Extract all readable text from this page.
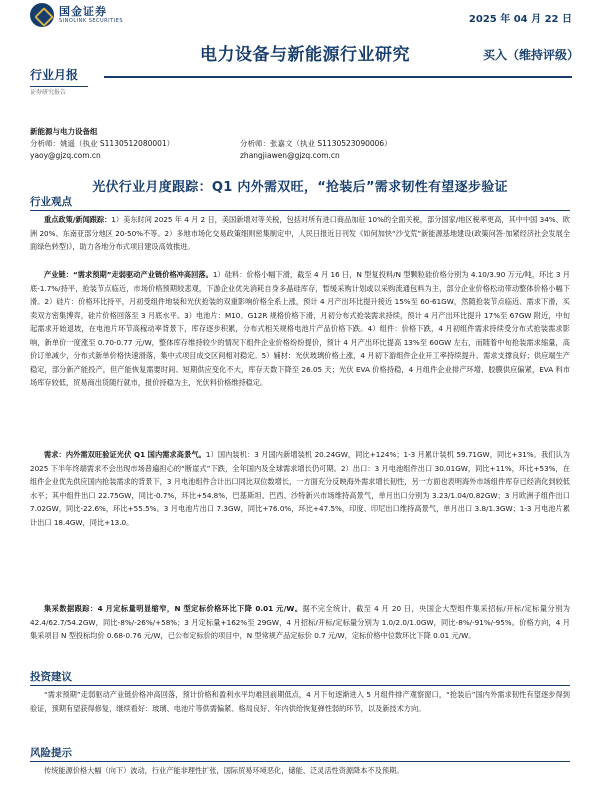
国金证券
SINOLINK SECURITIES	2025 年 04 月 22 日
电力设备与新能源行业研究	买入（维持评级）
行业月报
证券研究报告
新能源与电力设备组
分析师：姚遥（执业 S1130512080001）	分析师：张嘉文（执业 S1130523090006）
yaoy@gjzq.com.cn	zhangjiawen@gjzq.com.cn
光伏行业月度跟踪：Q1 内外需双旺，“抢装后”需求韧性有望逐步验证
行业观点
重点政策/新闻跟踪：1）美东时间 2025 年 4 月 2 日，美国新增对等关税，包括对所有进口商品加征 10%的全面关税，部分国家/地区税率更高，其中中国 34%、欧洲 20%、东南亚部分地区 20-50%不等。2）多地市场化交易政策细则密集制定中，人民日报近日刊发《如何加快“沙戈荒”新能源基地建设(政策问答·加紧经济社会发展全面绿色转型)》，助力各地分布式项目建设高效推进。
产业链：“需求预期”走弱驱动产业链价格冲高回落。1）硅料：价格小幅下滑，截至 4 月 16 日，N 型复投料/N 型颗粒硅价格分别为 4.10/3.90 万元/吨，环比 3 月底-1.7%/持平，抢装节点临近，市场价格预期较悲观，下游企业优先消耗自身多晶硅库存，暂缓采购计划或以采购流通包料为主，部分企业价格松动带动整体价格小幅下滑。2）硅片：价格环比持平，月初受组件地装和光伏抢装的双重影响价格全系上涨，预计 4 月产出环比提升接近 15%至 60-61GW，然随抢装节点临近、需求下滑，买卖双方密集博弈，硅片价格回落至 3 月底水平。3）电池片：M10、G12R 规格价格下滑，月初分布式抢装需求持续，预计 4 月产出环比提升 17%至 67GW 附近，中旬起需求开始退坡，在电池片环节高稼动率背景下，库存逐步积累，分布式相关规格电池片产品价格下跌。4）组件：价格下跌，4 月初组件需求持续受分布式抢装需求影响，新单价一度涨至 0.70-0.77 元/W，整体库存维持较少的情况下组件企业价格纷纷提价，预计 4 月产出环比提高 13%至 60GW 左右，而随着中旬抢装需求缩量，高价订单减少，分布式新单价格快速滑落，集中式项目成交区间相对稳定。5）辅材：光伏玻璃价格上涨，4 月初下游组件企业开工率持续提升、需求支撑良好；供应端生产稳定，部分新产能投产，但产能恢复需要时间、短期供应变化不大，库存天数下降至 26.05 天；光伏 EVA 价格持稳，4 月组件企业排产环增、胶膜供应偏紧，EVA 料市场库存较低，贸易商出货随行就市，报价持稳为主，光伏料价格维持稳定。
需求：内外需双旺验证光伏 Q1 国内需求高景气。1）国内装机：3 月国内新增装机 20.24GW，同比+124%；1-3 月累计装机 59.71GW，同比+31%。我们认为 2025 下半年终端需求不会出现市场普遍担心的“断崖式”下跌，全年国内及全球需求增长仍可期。2）出口：3 月电池组件出口 30.01GW，同比+11%，环比+53%，在组件企业优先供应国内抢装需求的背景下，3 月电池组件合计出口同比双位数增长，一方面充分反映海外需求增长韧性，另一方面也表明海外市场组件库存已经消化到较低水平；其中组件出口 22.75GW，同比-0.7%，环比+54.8%，巴基斯坦、巴西、沙特新兴市场维持高景气，单月出口分别为 3.23/1.04/0.82GW；3 月欧洲子组件出口 7.02GW，同比-22.6%，环比+55.5%。3 月电池片出口 7.3GW，同比+76.0%，环比+47.5%，印度、印尼出口维持高景气，单月出口 3.8/1.3GW；1-3 月电池片累计出口 18.4GW，同比+13.0。
集采数据跟踪：4 月定标量明显缩窄，N 型定标价格环比下降 0.01 元/W。据不完全统计，截至 4 月 20 日，央国企大型组件集采招标/开标/定标量分别为 42.4/62.7/54.2GW，同比-8%/-26%/+58%；3 月定标量+162%至 29GW，4 月招标/开标/定标量分别为 1.0/2.0/1.0GW，同比-8%/-91%/-95%。价格方向，4 月集采项目 N 型投标均价 0.68-0.76 元/W，已公布定标价的项目中，N 型常规产品定标价 0.7 元/W，定标价格中位数环比下降 0.01 元/W。
投资建议
“需求预期”走弱驱动产业链价格冲高回落，预计价格和盈利水平均难回前期低点，4 月下旬逐渐进入 5 月组件排产观察窗口，“抢装后”国内外需求韧性有望逐步得到验证，预期有望获得修复，继续看好：玻璃、电池片等供需偏紧、格局良好、年内供给恢复弹性弱的环节，以及新技术方向。
风险提示
传统能源价格大幅（向下）波动，行业产能非理性扩张，国际贸易环境恶化，储能、泛灵活性资源降本不及预期。
